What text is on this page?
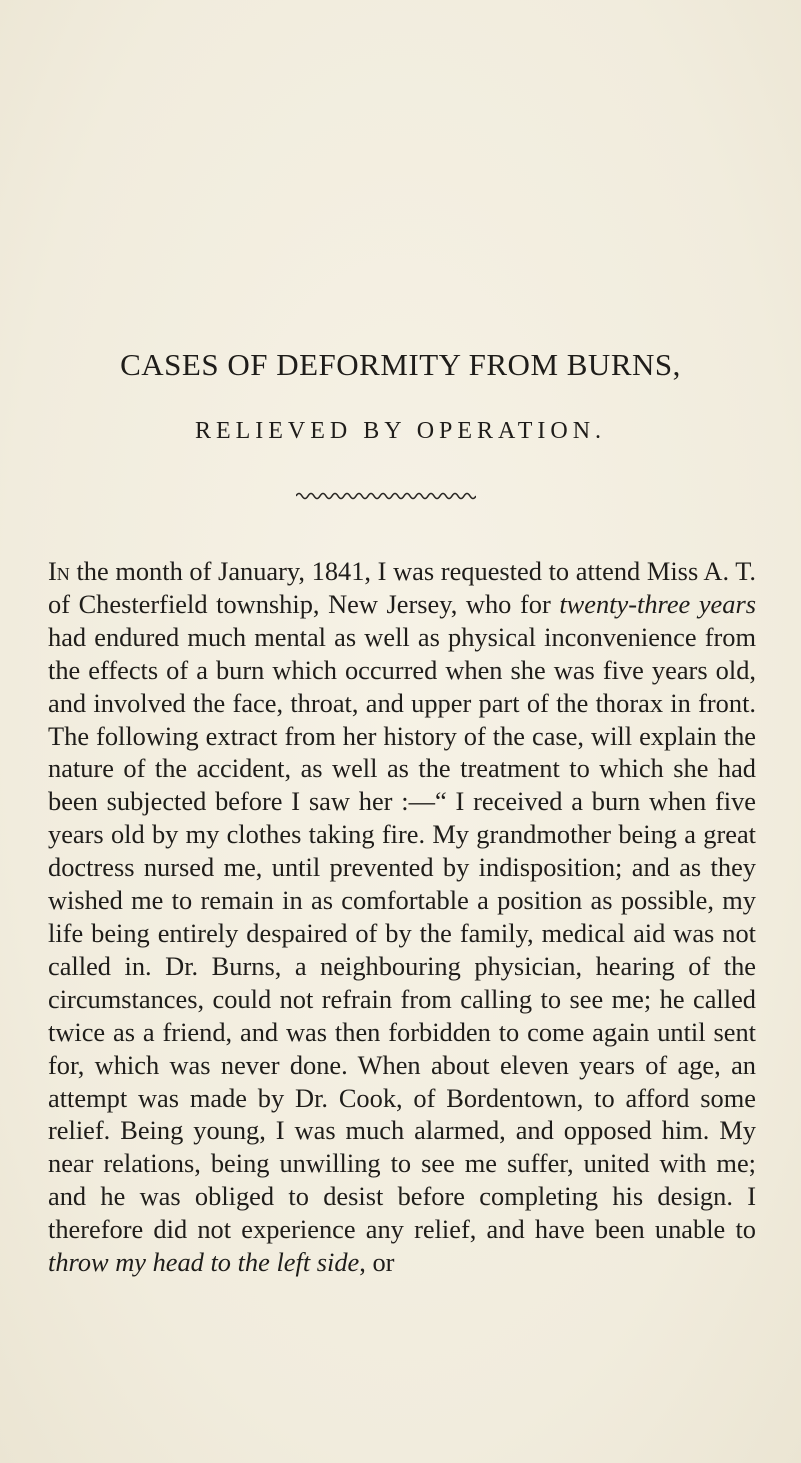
CASES OF DEFORMITY FROM BURNS,
RELIEVED BY OPERATION.

In the month of January, 1841, I was requested to attend Miss A. T. of Chesterfield township, New Jersey, who for twenty-three years had endured much mental as well as physical inconvenience from the effects of a burn which occurred when she was five years old, and involved the face, throat, and upper part of the thorax in front. The following extract from her history of the case, will explain the nature of the accident, as well as the treatment to which she had been subjected before I saw her :—“ I received a burn when five years old by my clothes taking fire. My grandmother being a great doctress nursed me, until prevented by indisposition; and as they wished me to remain in as comfortable a position as possible, my life being entirely despaired of by the family, medical aid was not called in. Dr. Burns, a neighbouring physician, hearing of the circumstances, could not refrain from calling to see me; he called twice as a friend, and was then forbidden to come again until sent for, which was never done. When about eleven years of age, an attempt was made by Dr. Cook, of Bordentown, to afford some relief. Being young, I was much alarmed, and opposed him. My near relations, being unwilling to see me suffer, united with me; and he was obliged to desist before completing his design. I therefore did not experience any relief, and have been unable to throw my head to the left side, or
